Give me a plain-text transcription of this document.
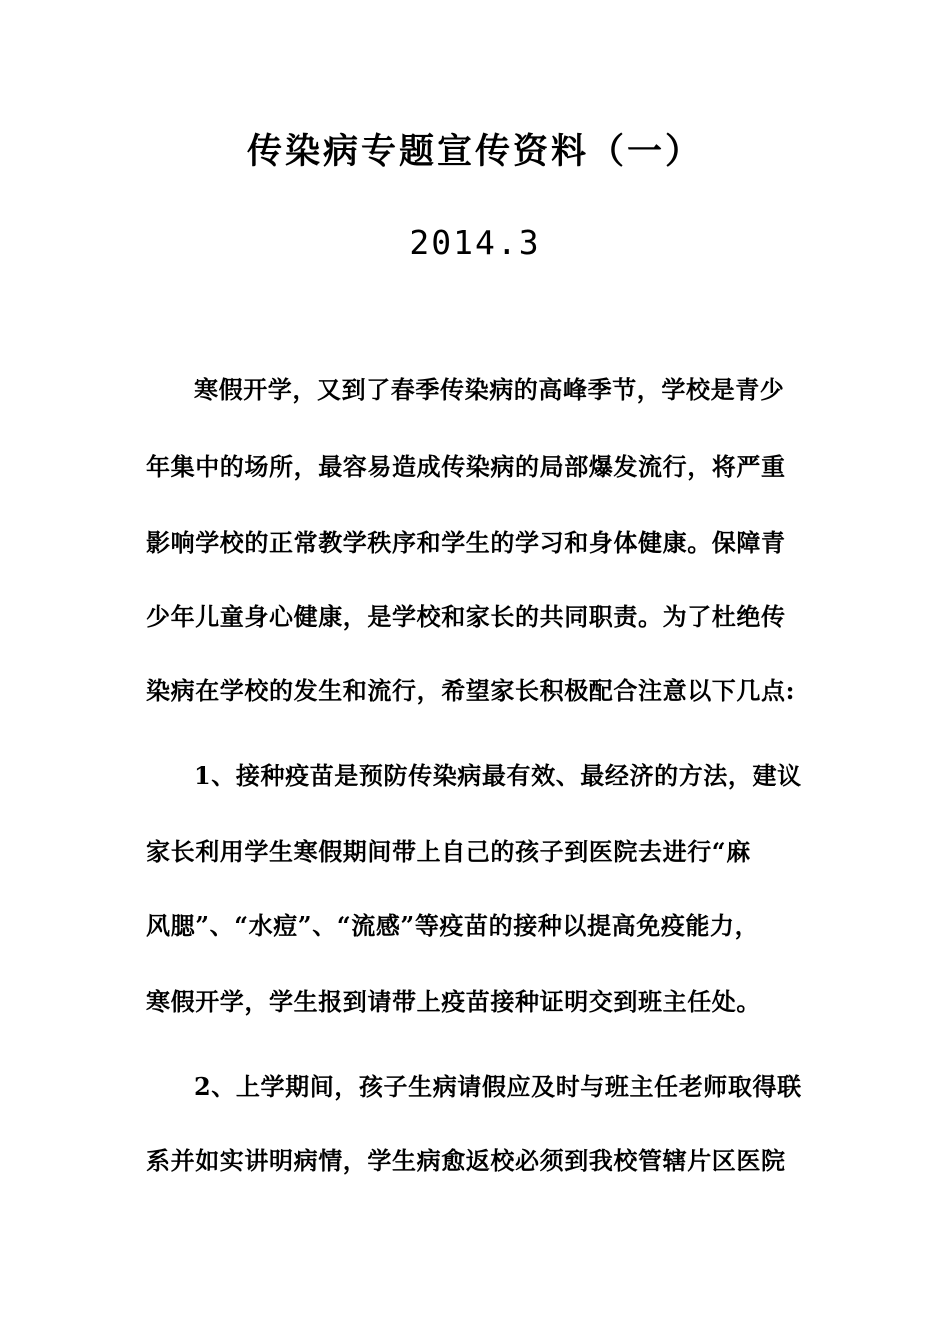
传染病专题宣传资料（一）
2014.3
寒假开学，又到了春季传染病的高峰季节，学校是青少
年集中的场所，最容易造成传染病的局部爆发流行，将严重
影响学校的正常教学秩序和学生的学习和身体健康。保障青
少年儿童身心健康，是学校和家长的共同职责。为了杜绝传
染病在学校的发生和流行，希望家长积极配合注意以下几点:
1、接种疫苗是预防传染病最有效、最经济的方法，建议
家长利用学生寒假期间带上自己的孩子到医院去进行“麻
风腮”、“水痘”、“流感”等疫苗的接种以提高免疫能力，
寒假开学，学生报到请带上疫苗接种证明交到班主任处。
2、上学期间，孩子生病请假应及时与班主任老师取得联
系并如实讲明病情，学生病愈返校必须到我校管辖片区医院
